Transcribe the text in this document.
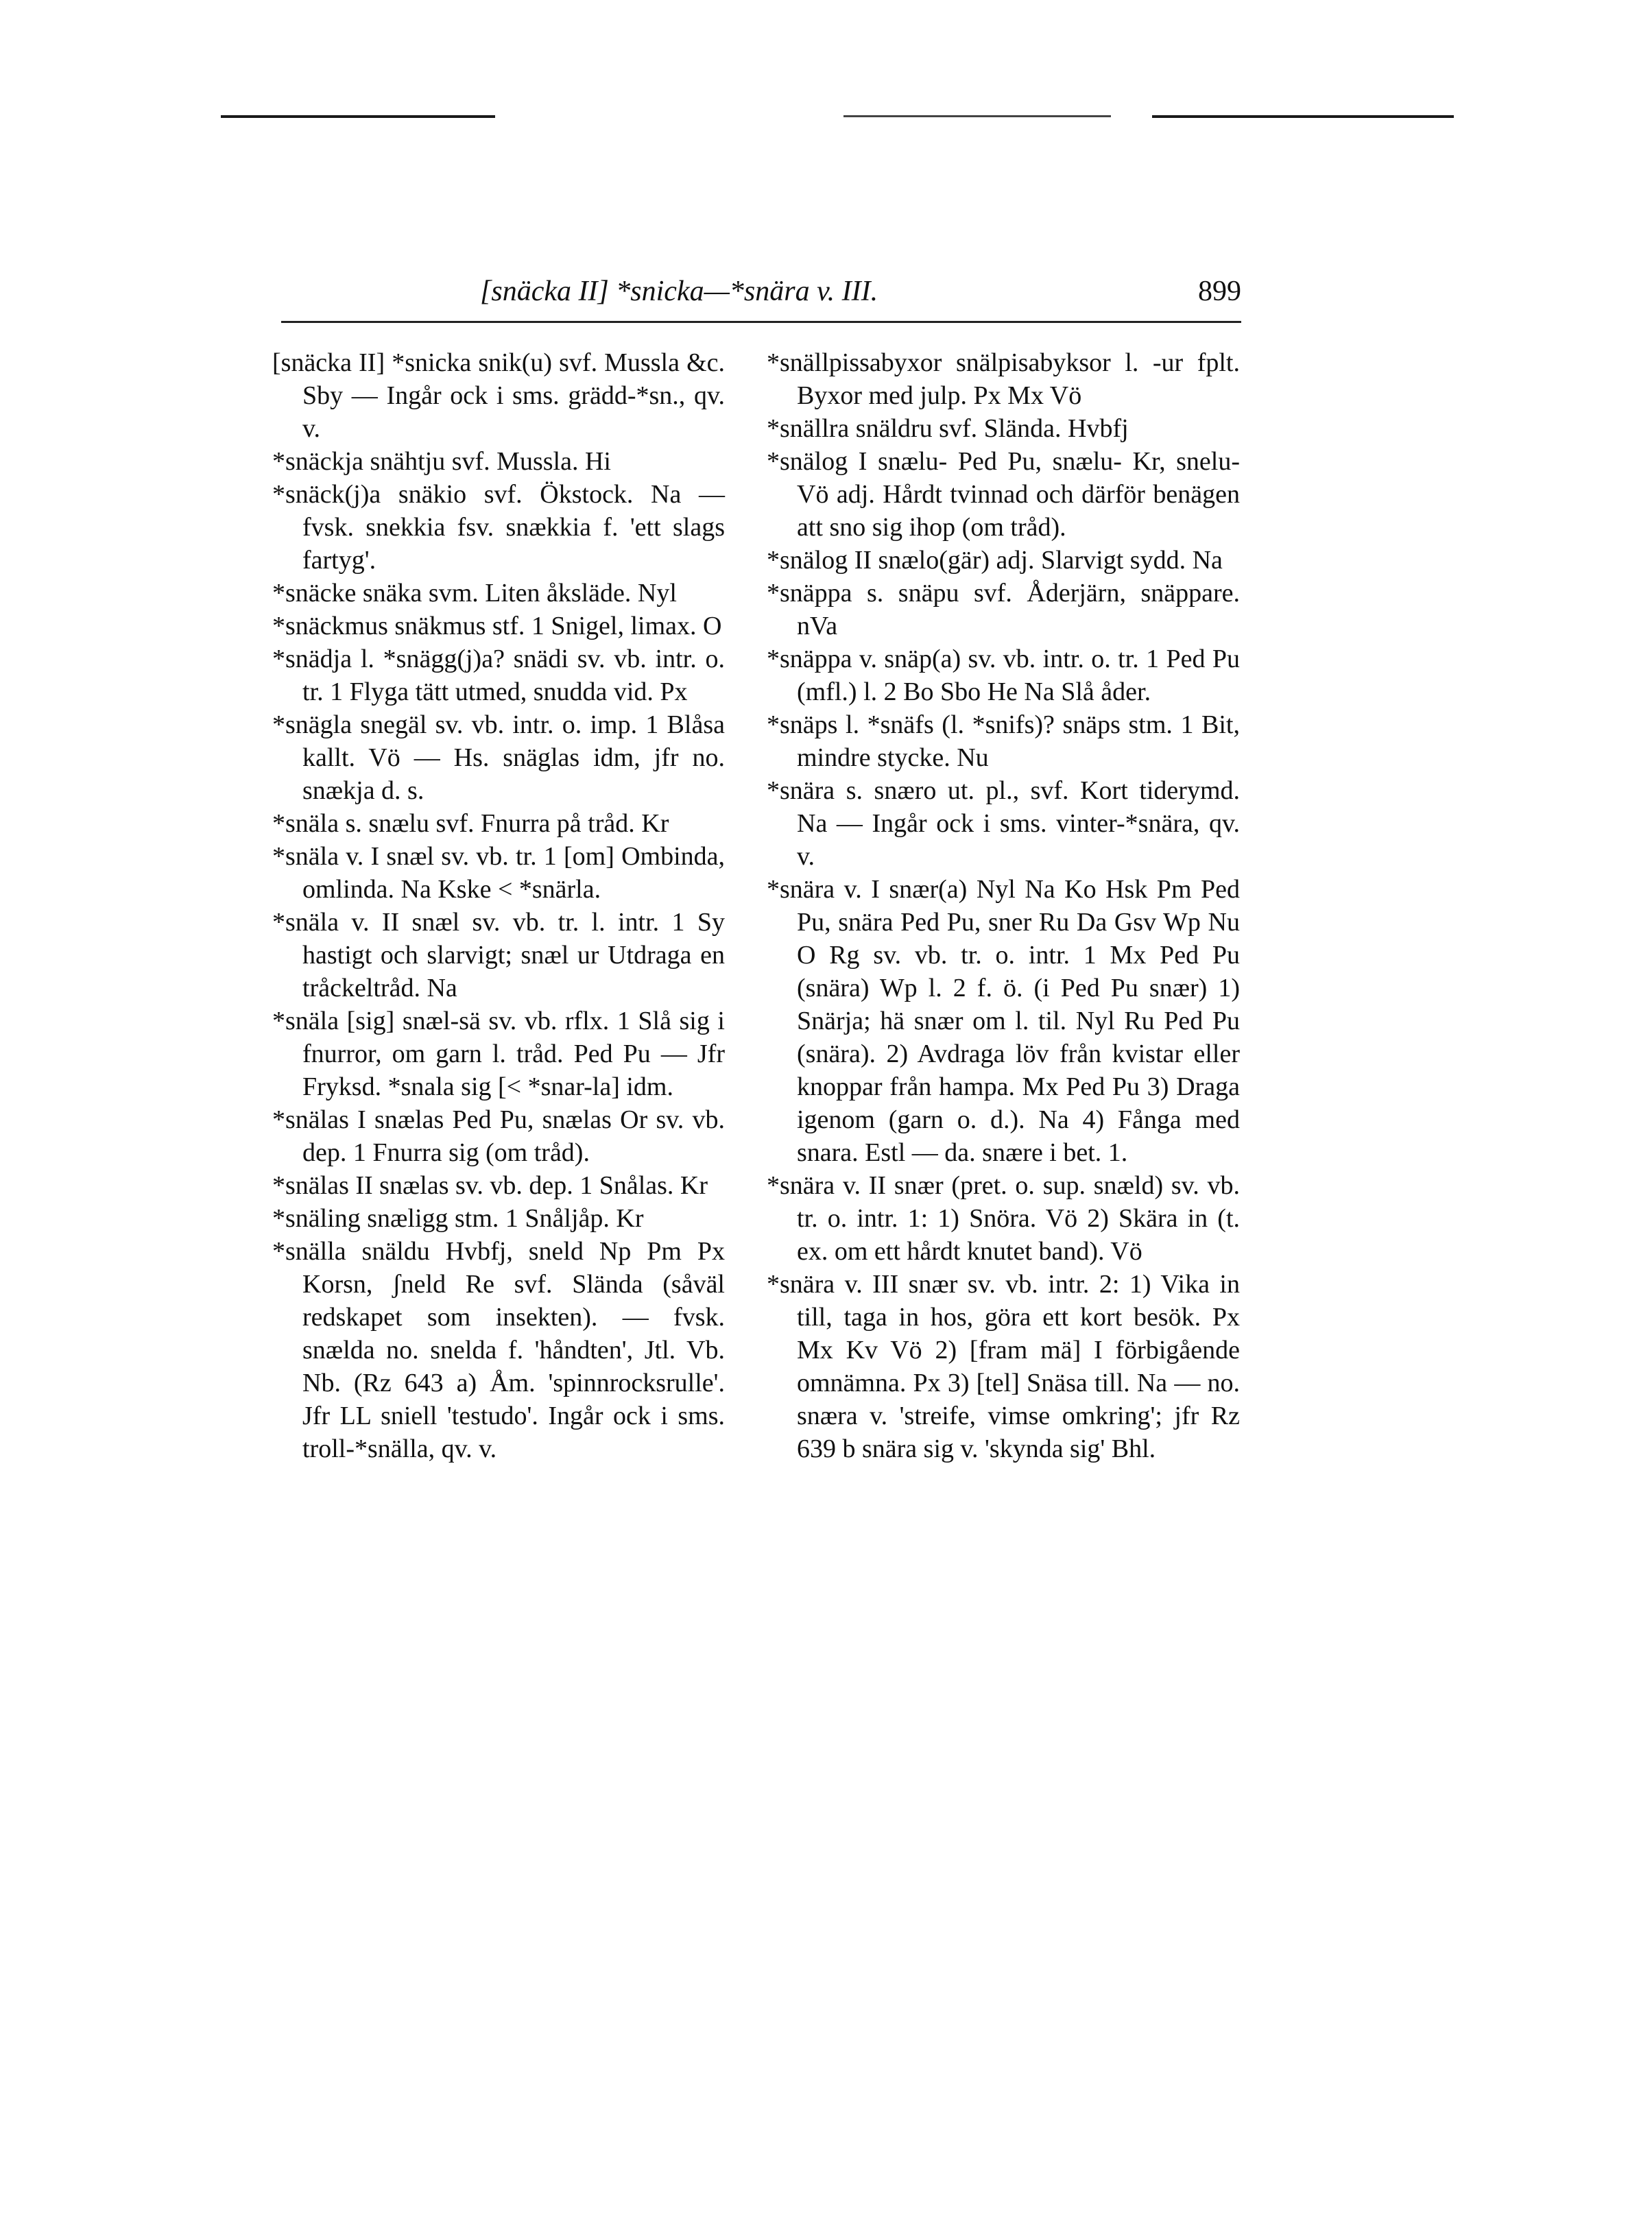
[snäcka II] *snicka—*snära v. III.	899

[snäcka II] *snicka snik(u) svf. Mussla &c. Sby — Ingår ock i sms. grädd-*sn., qv. v.

*snäckja snähtju svf. Mussla. Hi

*snäck(j)a snäkio svf. Ökstock. Na — fvsk. snekkia fsv. snækkia f. 'ett slags fartyg'.

*snäcke snäka svm. Liten åksläde. Nyl

*snäckmus snäkmus stf. 1 Snigel, limax. O

*snädja l. *snägg(j)a? snädi sv. vb. intr. o. tr. 1 Flyga tätt utmed, snudda vid. Px

*snägla snegäl sv. vb. intr. o. imp. 1 Blåsa kallt. Vö — Hs. snäglas idm, jfr no. snækja d. s.

*snäla s. snælu svf. Fnurra på tråd. Kr

*snäla v. I snæl sv. vb. tr. 1 [om] Ombinda, omlinda. Na Kske < *snärla.

*snäla v. II snæl sv. vb. tr. l. intr. 1 Sy hastigt och slarvigt; snæl ur Utdraga en tråckeltråd. Na

*snäla [sig] snæl-sä sv. vb. rflx. 1 Slå sig i fnurror, om garn l. tråd. Ped Pu — Jfr Fryksd. *snala sig [< *snar-la] idm.

*snälas I snælas Ped Pu, snælas Or sv. vb. dep. 1 Fnurra sig (om tråd).

*snälas II snælas sv. vb. dep. 1 Snålas. Kr

*snäling snæligg stm. 1 Snåljåp. Kr

*snälla snäldu Hvbfj, sneld Np Pm Px Korsn, ʃneld Re svf. Slända (såväl redskapet som insekten). — fvsk. snælda no. snelda f. 'håndten', Jtl. Vb. Nb. (Rz 643 a) Åm. 'spinnrocksrulle'. Jfr LL sniell 'testudo'. Ingår ock i sms. troll-*snälla, qv. v.

*snällpissabyxor snälpisabyksor l. -ur fplt. Byxor med julp. Px Mx Vö

*snällra snäldru svf. Slända. Hvbfj

*snälog I snælu- Ped Pu, snælu- Kr, snelu- Vö adj. Hårdt tvinnad och därför benägen att sno sig ihop (om tråd).

*snälog II snælo(gär) adj. Slarvigt sydd. Na

*snäppa s. snäpu svf. Åderjärn, snäppare. nVa

*snäppa v. snäp(a) sv. vb. intr. o. tr. 1 Ped Pu (mfl.) l. 2 Bo Sbo He Na Slå åder.

*snäps l. *snäfs (l. *snifs)? snäps stm. 1 Bit, mindre stycke. Nu

*snära s. snæro ut. pl., svf. Kort tiderymd. Na — Ingår ock i sms. vinter-*snära, qv. v.

*snära v. I snær(a) Nyl Na Ko Hsk Pm Ped Pu, snära Ped Pu, sner Ru Da Gsv Wp Nu O Rg sv. vb. tr. o. intr. 1 Mx Ped Pu (snära) Wp l. 2 f. ö. (i Ped Pu snær) 1) Snärja; hä snær om l. til. Nyl Ru Ped Pu (snära). 2) Avdraga löv från kvistar eller knoppar från hampa. Mx Ped Pu 3) Draga igenom (garn o. d.). Na 4) Fånga med snara. Estl — da. snære i bet. 1.

*snära v. II snær (pret. o. sup. snæld) sv. vb. tr. o. intr. 1: 1) Snöra. Vö 2) Skära in (t. ex. om ett hårdt knutet band). Vö

*snära v. III snær sv. vb. intr. 2: 1) Vika in till, taga in hos, göra ett kort besök. Px Mx Kv Vö 2) [fram mä] I förbigående omnämna. Px 3) [tel] Snäsa till. Na — no. snæra v. 'streife, vimse omkring'; jfr Rz 639 b snära sig v. 'skynda sig' Bhl.
